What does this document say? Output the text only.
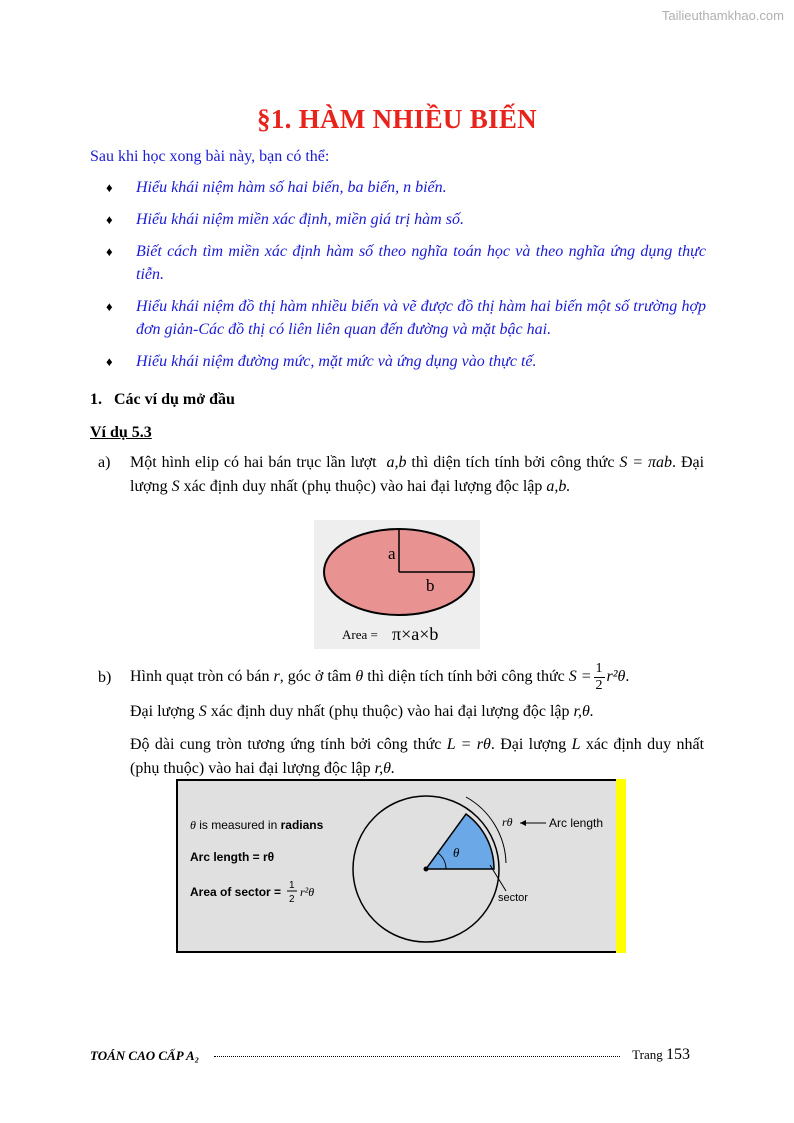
Tailieuthamkhao.com
§1. HÀM NHIỀU BIẾN
Sau khi học xong bài này, bạn có thể:
♦ Hiểu khái niệm hàm số hai biến, ba biến, n biến.
♦ Hiểu khái niệm miền xác định, miền giá trị hàm số.
♦ Biết cách tìm miền xác định hàm số theo nghĩa toán học và theo nghĩa ứng dụng thực tiễn.
♦ Hiểu khái niệm đồ thị hàm nhiều biến và vẽ được đồ thị hàm hai biến một số trường hợp đơn giản-Các đồ thị có liên liên quan đến đường và mặt bậc hai.
♦ Hiểu khái niệm đường mức, mặt mức và ứng dụng vào thực tế.
1.   Các ví dụ mở đầu
Ví dụ 5.3
a) Một hình elip có hai bán trục lần lượt a,b thì diện tích tính bởi công thức S = πab. Đại lượng S xác định duy nhất (phụ thuộc) vào hai đại lượng độc lập a,b.
a
b
Area = π×a×b
b) Hình quạt tròn có bán r, góc ở tâm θ thì diện tích tính bởi công thức $S = \frac{1}{2} r^2\theta$.
Đại lượng S xác định duy nhất (phụ thuộc) vào hai đại lượng độc lập r,θ.
Độ dài cung tròn tương ứng tính bởi công thức L = rθ. Đại lượng L xác định duy nhất (phụ thuộc) vào hai đại lượng độc lập r,θ.
θ
rθ	Arc length
sector
θ is measured in radians
Arc length = rθ
Area of sector = 1
2
r²θ
TOÁN CAO CẤP A₂	Trang 153
